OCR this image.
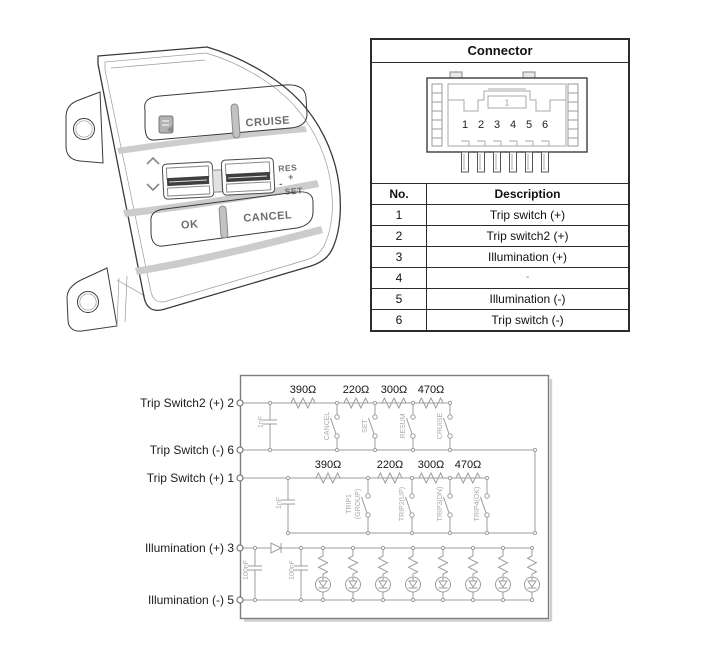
CRUISE
RES
+
-
SET
OK
CANCEL
Connector
1
1 2 3 4 5 6
No.	Description
1	Trip switch (+)
2	Trip switch2 (+)
3	Illumination (+)
4	-
5	Illumination (-)
6	Trip switch (-)
Trip Switch2 (+) 2
Trip Switch (-) 6
Trip Switch (+) 1
Illumination (+) 3
Illumination (-) 5
1nF
390Ω 220Ω 300Ω 470Ω
CANCEL	SET	RESUM	CRUISE
1nF
390Ω	220Ω 300Ω 470Ω
TRIP1 (GROUP)	TRIP2(UP)	TRIP3(DN)	TRIP4(OK)
100nF	100nF
